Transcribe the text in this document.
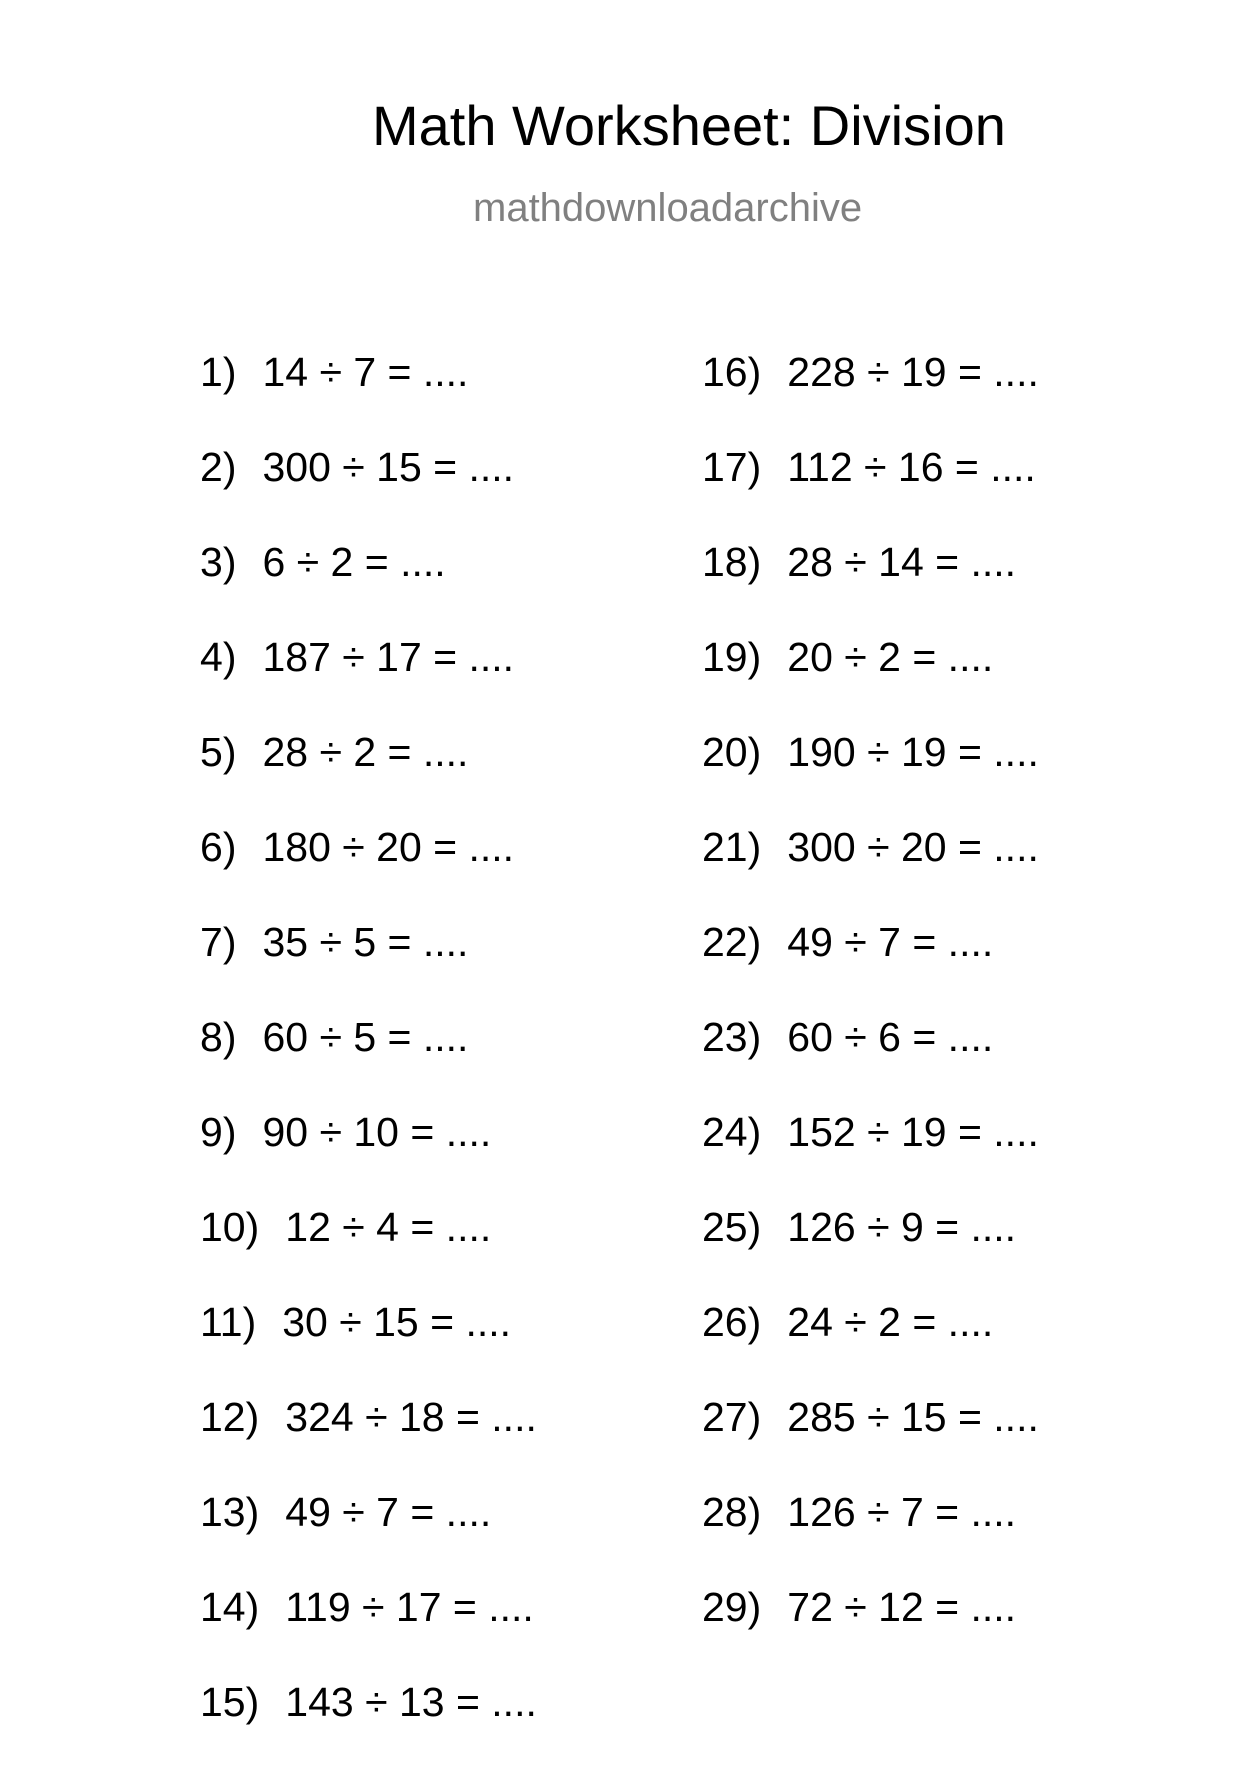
Math Worksheet: Division
mathdownloadarchive
1 ) 14 ÷ 7 = ....
2 ) 300 ÷ 15 = ....
3 ) 6 ÷ 2 = ....
4 ) 187 ÷ 17 = ....
5 ) 28 ÷ 2 = ....
6 ) 180 ÷ 20 = ....
7 ) 35 ÷ 5 = ....
8 ) 60 ÷ 5 = ....
9 ) 90 ÷ 10 = ....
10 ) 12 ÷ 4 = ....
11 ) 30 ÷ 15 = ....
12 ) 324 ÷ 18 = ....
13 ) 49 ÷ 7 = ....
14 ) 119 ÷ 17 = ....
15 ) 143 ÷ 13 = ....
16 ) 228 ÷ 19 = ....
17 ) 112 ÷ 16 = ....
18 ) 28 ÷ 14 = ....
19 ) 20 ÷ 2 = ....
20 ) 190 ÷ 19 = ....
21 ) 300 ÷ 20 = ....
22 ) 49 ÷ 7 = ....
23 ) 60 ÷ 6 = ....
24 ) 152 ÷ 19 = ....
25 ) 126 ÷ 9 = ....
26 ) 24 ÷ 2 = ....
27 ) 285 ÷ 15 = ....
28 ) 126 ÷ 7 = ....
29 ) 72 ÷ 12 = ....
